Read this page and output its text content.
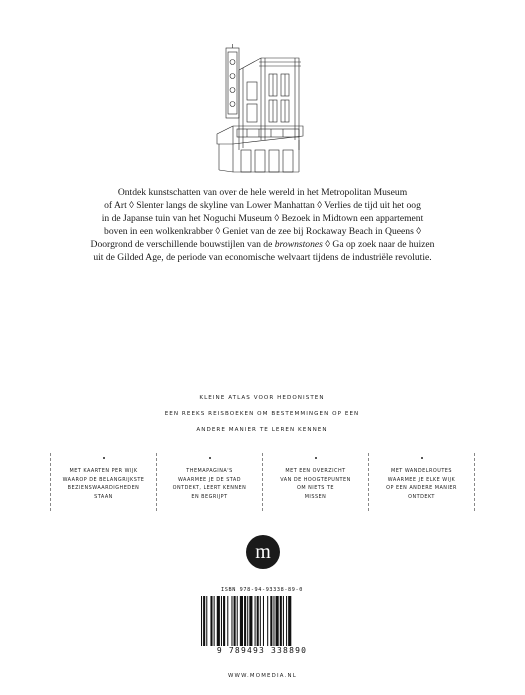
Ontdek kunstschatten van over de hele wereld in het Metropolitan Museum
of Art ◊ Slenter langs de skyline van Lower Manhattan ◊ Verlies de tijd uit het oog
in de Japanse tuin van het Noguchi Museum ◊ Bezoek in Midtown een appartement
boven in een wolkenkrabber ◊ Geniet van de zee bij Rockaway Beach in Queens ◊
Doorgrond de verschillende bouwstijlen van de brownstones ◊ Ga op zoek naar de huizen
uit de Gilded Age, de periode van economische welvaart tijdens de industriële revolutie.
KLEINE ATLAS VOOR HEDONISTEN
EEN REEKS REISBOEKEN OM BESTEMMINGEN OP EEN
ANDERE MANIER TE LEREN KENNEN
MET KAARTEN PER WIJK
WAAROP DE BELANGRIJKSTE
BEZIENSWAARDIGHEDEN
STAAN
THEMAPAGINA'S
WAARMEE JE DE STAD
ONTDEKT, LEERT KENNEN
EN BEGRIJPT
MET EEN OVERZICHT
VAN DE HOOGTEPUNTEN
OM NIETS TE
MISSEN
MET WANDELROUTES
WAARMEE JE ELKE WIJK
OP EEN ANDERE MANIER
ONTDEKT
m
ISBN 978-94-93338-89-0
9 789493 338890
WWW.MOMEDIA.NL
